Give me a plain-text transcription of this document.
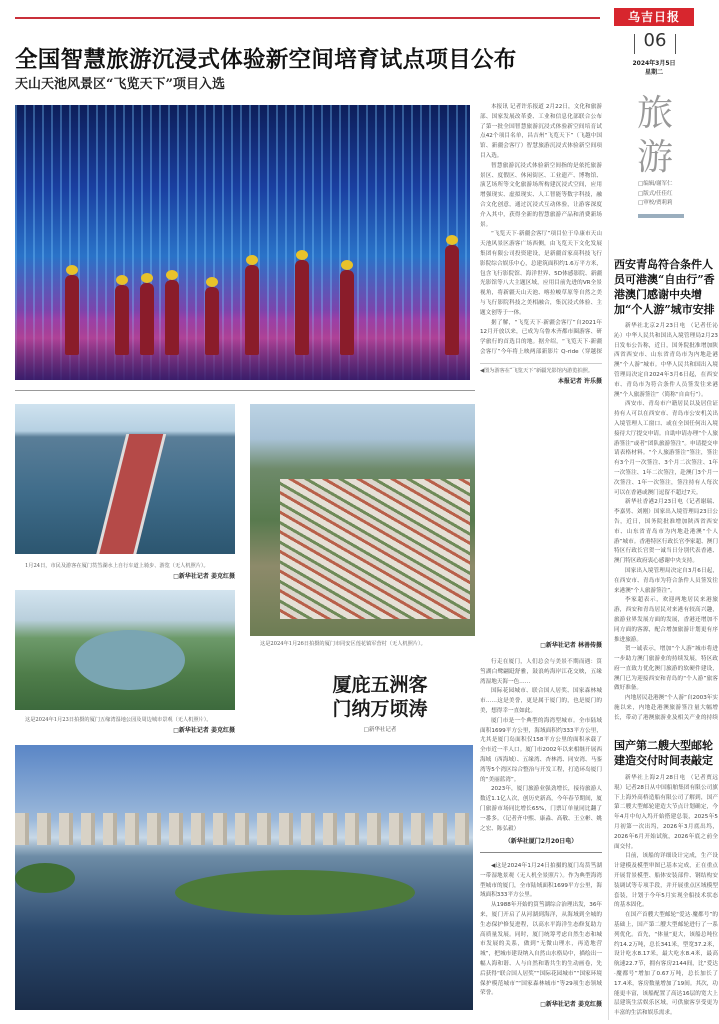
乌吉日报
06
2024年3月5日
星期二
旅游
□编辑/谢军仁
□版式/任佳红
□审校/贾莉莉
全国智慧旅游沉浸式体验新空间培育试点项目公布
天山天池风景区“飞览天下”项目入选

本报讯 记者许乐报道 2月22日，文化和旅游部、国家发展改革委、工业和信息化部联合公布了第一批全国智慧旅游沉浸式体验新空间培育试点42个项目名单，昌吉州“飞览天下”（飞越中国馆、新疆会客厅）智慧旅游沉浸式体验新空间项目入选。

智慧旅游沉浸式体验新空间指的是依托旅游景区、度假区、休闲街区、工业遗产、博物馆、演艺场所等文化旅游场所构建沉浸式空间，应用增强现实、虚拟现实、人工智能等数字科技，融合文化创意，通过沉浸式互动体验，让游客深度介入其中，获得全新的智慧旅游产品和消费新场景。

“飞览天下·新疆会客厅”项目位于阜康市天山天池风景区游客广场西侧，由飞览天下文化发展集团有限公司投资建设，是新疆首家高科技飞行影院综合娱乐中心，总建筑面积约1.6万平方米，包含飞行影院馆、海洋世界、5D体感影院、新疆光影馆等八大主题区域，应用目前先进的VR全景视角，将新疆天山天池、喀拉峻草原等自然之美与飞行影院科技之美相融合，集沉浸式体验、主题文创等于一体。

据了解，“飞览天下·新疆会客厅”自2021年12月开放以来，已成为乌鲁木齐都市圈游客、研学旅行的首选目的地。据介绍，“飞览天下·新疆会客厅”今年将上映两部新影片 Q-ride（穿越探

◀图为游客在“飞览天下”新疆光影馆内游览拍照。

本报记者 许乐摄

1月24日，市民及游客在厦门筼筜湖水上自行车道上骑步、游览（无人机照片）。

□新华社记者 姜克红摄

这是2024年1月23日拍摄的厦门五缘湾湿地公园及周边城市景观（无人机照片）。

□新华社记者 姜克红摄

这是2024年1月26日拍摄的厦门市同安区莲花镇军营村（无人机照片）。

厦庇五洲客
门纳万顷涛
□新华社记者

□新华社记者 林善传摄

行走在厦门，人们总会与美景不期而遇：筼筜湖白鹭翩跹舒雅，鼓浪屿海岸江花交映，五缘湾湿地天海一色……

国际花园城市、联合国人居奖、国家森林城市……这是美誉，更是属于厦门的，也是厦门的美，想得幸一直如此。

厦门市是一个典型的海湾型城市。全市陆域面积1699平方公里，海域面积约333平方公里，尤其是厦门岛面积仅158平方公里的面积承载了全市近一半人口。厦门市2002年以来相继开展西海域（西海域）、五缘湾、杏林湾、同安湾、马銮湾等5个湾区综合整治与开发工程，打造环岛厦门的“美丽蓝湾”。

2023年，厦门旅游业强劲增长，接待旅游人数近1.1亿人次，创历史新高，今年春节期间，厦门旅游市场同比增长65%，门票订单量同比翻了一番多。（记者齐中熙、康淼、高敬、王立彬、姚之宏、陈弘毅）

（新华社厦门2月20日电）

◀这是2024年1月24日拍摄的厦门岛筼筜湖一带湿地景观（无人机全景照片）。作为典型海湾型城市的厦门，全市陆域面积1699平方公里，海域面积333平方公里。

从1988年开始的筼筜湖综合治理出发，36年来，厦门开启了从河湖到海洋，从海域到全城的生态保护修复进程，以高水平海洋生态修复助力高质量发展。同时，厦门统筹考虑自然生态和城市发展的关系，做到“无微山理水，再造地营城”，把城市建设纳入自然山水格局中，描绘出一幅人海和谐、人与自然和谐共生的生动画卷，先后获得“联合国人居奖”“国际花园城市”“国家环境保护模范城市”“国家森林城市”等29项生态领域荣誉。

□新华社记者 姜克红摄

西安青岛符合条件人员可港澳“自由行”香港澳门感谢中央增加“个人游”城市安排

新华社北京2月23日电 （记者任沁沁）中华人民共和国出入境管理局2月23日发布公告称，近日，国务院批准增加陕西省西安市、山东省青岛市为内地赴港澳“个人游”城市。中华人民共和国出入境管理局决定自2024年3月6日起，在西安市、青岛市为符合条件人员签发往来港澳“个人旅游签注”（简称“自由行”）。

西安市、青岛市户籍居民以及居住证持有人可以在西安市、青岛市公安机关出入境管理人工窗口、或在全国任何出入境接待大厅提交申请。自助申请办理“个人旅游签注”或者“团队旅游签注”。申请提交申请表格材料。“个人旅游签注”签注，签注有3个月一次签注、3个月二次签注、1年一次签注、1年二次签注，赴澳门3个月一次签注、1年一次签注，签注持有人每次可以在香港或澳门逗留不超过7天。

新华社香港2月23日电（记者谢瑞、李嘉男、刘刚）国家出入境管理局23日公告，近日，国务院批准增加陕西省西安市、山东省青岛市为内地赴港澳“个人游”城市。香港特区行政长官李家超、澳门特区行政长官贺一诚当日分别代表香港、澳门特区政府衷心感谢中央支持。

国家出入境管理局决定自3月6日起，在西安市、青岛市为符合条件人员签发往来港澳“个人旅游签注”。

李家超表示，欢迎两地居民来港旅游，西安和青岛居民对来港有较高兴趣，旅游业界发展方面的发展，香港还增加不同方面的客源，配合增加旅游计划更有序推进旅游。

贺一诚表示，增加“个人游”城市将进一步助力澳门旅游业的持续发展，特区政府一直致力优化澳门旅游的软硬件建设，澳门已为迎接西安和青岛的“个人游”旅客做好准备。

内地居民赴港澳“个人游”自2003年实施以来，内地赴港澳旅游签注量大幅增长，带动了港澳旅游业及相关产业的持续

国产第二艘大型邮轮建造交付时间表敲定

新华社上海2月28日电 （记者贾远琨）记者28日从中国船舶集团有限公司旗下上海外高桥造船有限公司了解到，国产第二艘大型邮轮建造大节点计划确定，今年4月中旬入坞开始搭建总装，2025年5月初第一次出坞，2026年3月底出坞，2026年6月开始试航，2026年底之前全面交付。

目前，该船的详细设计完成，生产设计建模及模型审图已基本完成，正在重点开展背景模型、船体安装部件、钢结构安装调试等专项手段，并开展重点区域模型套装，计划于今年5月实现全船技术状态的基本固化。

在国产首艘大型邮轮“爱达·魔都号”的基础上，国产第二艘大型邮轮进行了一系列优化。首先，“体量”更大，该船总吨位约14.2万吨，总长341米，型宽37.2米，设计吃水8.17米，最大吃水8.4米，最高航速22.7节，拥有客房2144间，比“爱达·魔都号”增加了0.67万吨，总长加长了17.4米，客房数量增加了19间。其次，功能更丰富，该船配置了高达16层的宽大上层建筑生活娱乐区域，可供旅客享受更为丰富的生活和娱乐需求。
